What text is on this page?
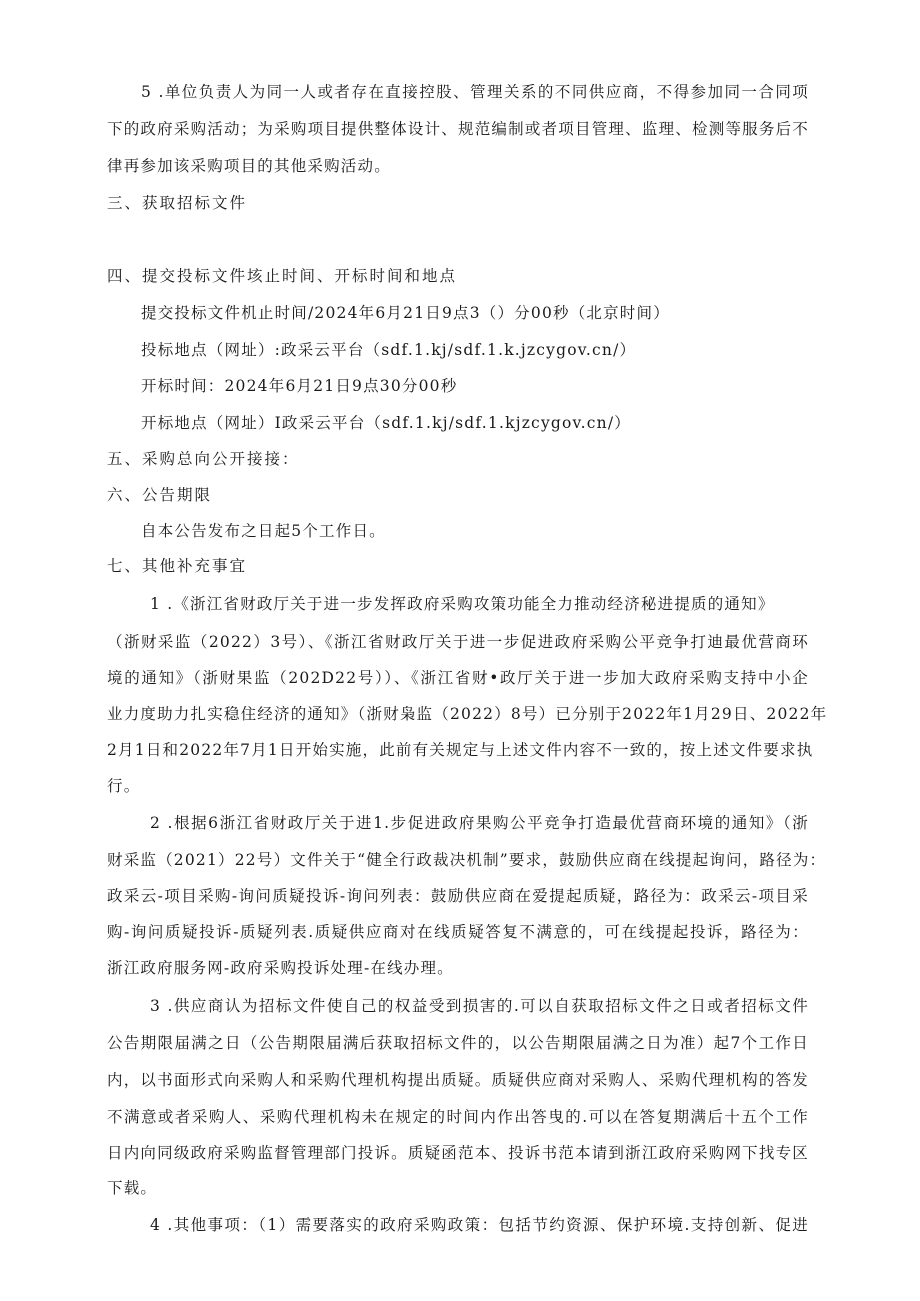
5 .单位负责人为同一人或者存在直接控股、管理关系的不同供应商，不得参加同一合同项
下的政府采购活动；为采购项目提供整体设计、规范编制或者项目管理、监理、检测等服务后不
律再参加该采购项目的其他采购活动。
三、获取招标文件
四、提交投标文件垓止时间、开标时间和地点
提交投标文件机止时间/2024年6月21日9点3（）分00秒（北京时间）
投标地点（网址）:政采云平台（sdf.1.kj/sdf.1.k.jzcygov.cn/）
开标时间：2024年6月21日9点30分00秒
开标地点（网址）I政采云平台（sdf.1.kj/sdf.1.kjzcygov.cn/）
五、采购总向公开接接：
六、公告期限
自本公告发布之日起5个工作日。
七、其他补充事宜
1 .《浙江省财政厅关于进一步发挥政府采购攻策功能全力推动经济秘进提质的通知》
（浙财采监（2022）3号）、《浙江省财政厅关于进一步促进政府采购公平竞争打迪最优营商环
境的通知》（浙财果监（202D22号））、《浙江省财•政厅关于进一步加大政府采购支持中小企
业力度助力扎实稳住经济的通知》（浙财枭监（2022）8号）已分别于2022年1月29日、2022年
2月1日和2022年7月1日开始实施，此前有关规定与上述文件内容不一致的，按上述文件要求执
行。
2 .根据6浙江省财政厅关于进1.步促进政府果购公平竞争打造最优营商环境的通知》（浙
财采监（2021）22号）文件关于“健全行政裁决机制”要求，鼓励供应商在线提起询问，路径为：
政采云-项目采购-询问质疑投诉-询问列表：鼓励供应商在爱提起质疑，路径为：政采云-项目采
购-询问质疑投诉-质疑列表.质疑供应商对在线质疑答复不满意的，可在线提起投诉，路径为：
浙江政府服务网-政府采购投诉处理-在线办理。
3 .供应商认为招标文件使自己的权益受到损害的.可以自获取招标文件之日或者招标文件
公告期限届满之日（公告期限届满后获取招标文件的，以公告期限届满之日为准）起7个工作日
内，以书面形式向采购人和采购代理机构提出质疑。质疑供应商对采购人、采购代理机构的答发
不满意或者采购人、采购代理机构未在规定的时间内作出答曳的.可以在答复期满后十五个工作
日内向同级政府采购监督管理部门投诉。质疑函范本、投诉书范本请到浙江政府采购网下找专区
下载。
4 .其他事项：（1）需要落实的政府采购政策：包括节约资源、保护环境.支持创新、促进
